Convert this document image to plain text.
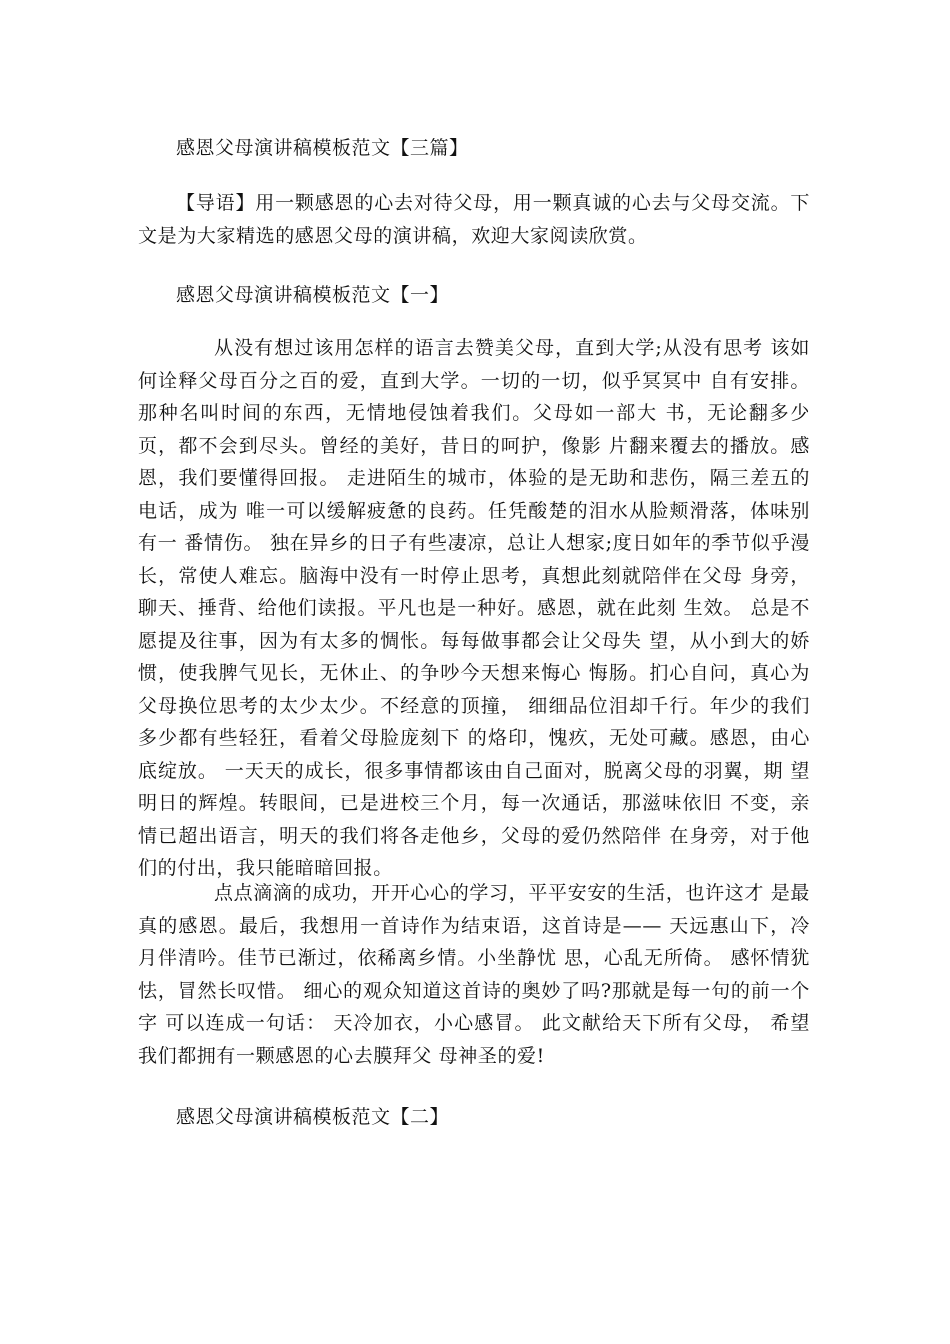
感恩父母演讲稿模板范文【三篇】
【导语】用一颗感恩的心去对待父母，用一颗真诚的心去与父母交流。下文是为大家精选的感恩父母的演讲稿，欢迎大家阅读欣赏。
感恩父母演讲稿模板范文【一】
从没有想过该用怎样的语言去赞美父母，直到大学;从没有思考 该如何诠释父母百分之百的爱，直到大学。一切的一切，似乎冥冥中 自有安排。那种名叫时间的东西，无情地侵蚀着我们。父母如一部大 书，无论翻多少页，都不会到尽头。曾经的美好，昔日的呵护，像影 片翻来覆去的播放。感恩，我们要懂得回报。 走进陌生的城市，体验的是无助和悲伤，隔三差五的电话，成为 唯一可以缓解疲惫的良药。任凭酸楚的泪水从脸颊滑落，体味别有一 番情伤。 独在异乡的日子有些凄凉，总让人想家;度日如年的季节似乎漫 长，常使人难忘。脑海中没有一时停止思考，真想此刻就陪伴在父母 身旁，聊天、捶背、给他们读报。平凡也是一种好。感恩，就在此刻 生效。 总是不愿提及往事，因为有太多的惆怅。每每做事都会让父母失 望，从小到大的娇惯，使我脾气见长，无休止、的争吵今天想来悔心 悔肠。扪心自问，真心为父母换位思考的太少太少。不经意的顶撞， 细细品位泪却千行。年少的我们多少都有些轻狂，看着父母脸庞刻下 的烙印，愧疚，无处可藏。感恩，由心底绽放。 一天天的成长，很多事情都该由自己面对，脱离父母的羽翼，期 望明日的辉煌。转眼间，已是进校三个月，每一次通话，那滋味依旧 不变，亲情已超出语言，明天的我们将各走他乡，父母的爱仍然陪伴 在身旁，对于他们的付出，我只能暗暗回报。
点点滴滴的成功，开开心心的学习，平平安安的生活，也许这才 是最真的感恩。最后，我想用一首诗作为结束语，这首诗是—— 天远惠山下，冷月伴清吟。佳节已渐过，依稀离乡情。小坐静忧 思，心乱无所倚。 感怀情犹怯，冒然长叹惜。 细心的观众知道这首诗的奥妙了吗?那就是每一句的前一个字 可以连成一句话： 天冷加衣，小心感冒。 此文献给天下所有父母， 希望我们都拥有一颗感恩的心去膜拜父 母神圣的爱!
感恩父母演讲稿模板范文【二】
